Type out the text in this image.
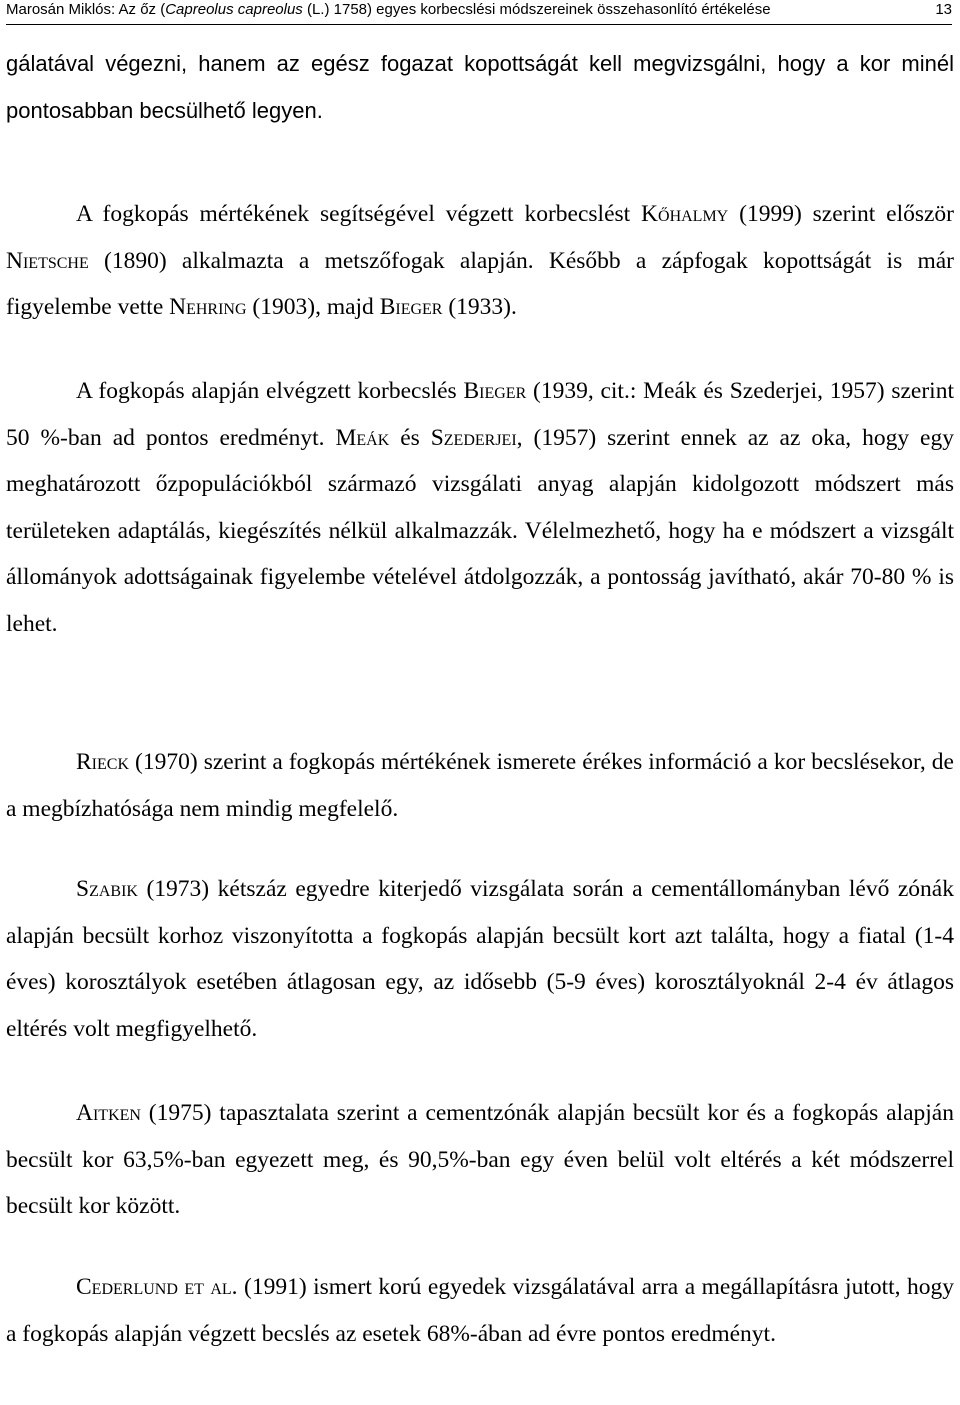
Marosán Miklós: Az őz (Capreolus capreolus (L.) 1758) egyes korbecslési módszereinek összehasonlító értékelése	13

gálatával végezni, hanem az egész fogazat kopottságát kell megvizsgálni, hogy a kor minél pontosabban becsülhető legyen.

A fogkopás mértékének segítségével végzett korbecslést Kőhalmy (1999) szerint először Nietsche (1890) alkalmazta a metszőfogak alapján. Később a zápfogak kopottságát is már figyelembe vette Nehring (1903), majd Bieger (1933).

A fogkopás alapján elvégzett korbecslés Bieger (1939, cit.: Meák és Szederjei, 1957) szerint 50 %-ban ad pontos eredményt. Meák és Szederjei, (1957) szerint ennek az az oka, hogy egy meghatározott őzpopulációkból származó vizsgálati anyag alapján kidolgozott módszert más területeken adaptálás, kiegészítés nélkül alkalmazzák. Vélelmezhető, hogy ha e módszert a vizsgált állományok adottságainak figyelembe vételével átdolgozzák, a pontosság javítható, akár 70-80 % is lehet.

Rieck (1970) szerint a fogkopás mértékének ismerete érékes információ a kor becslésekor, de a megbízhatósága nem mindig megfelelő.

Szabik (1973) kétszáz egyedre kiterjedő vizsgálata során a cementállományban lévő zónák alapján becsült korhoz viszonyította a fogkopás alapján becsült kort azt találta, hogy a fiatal (1-4 éves) korosztályok esetében átlagosan egy, az idősebb (5-9 éves) korosztályoknál 2-4 év átlagos eltérés volt megfigyelhető.

Aitken (1975) tapasztalata szerint a cementzónák alapján becsült kor és a fogkopás alapján becsült kor 63,5%-ban egyezett meg, és 90,5%-ban egy éven belül volt eltérés a két módszerrel becsült kor között.

Cederlund et al. (1991) ismert korú egyedek vizsgálatával arra a megállapításra jutott, hogy a fogkopás alapján végzett becslés az esetek 68%-ában ad évre pontos eredményt.
